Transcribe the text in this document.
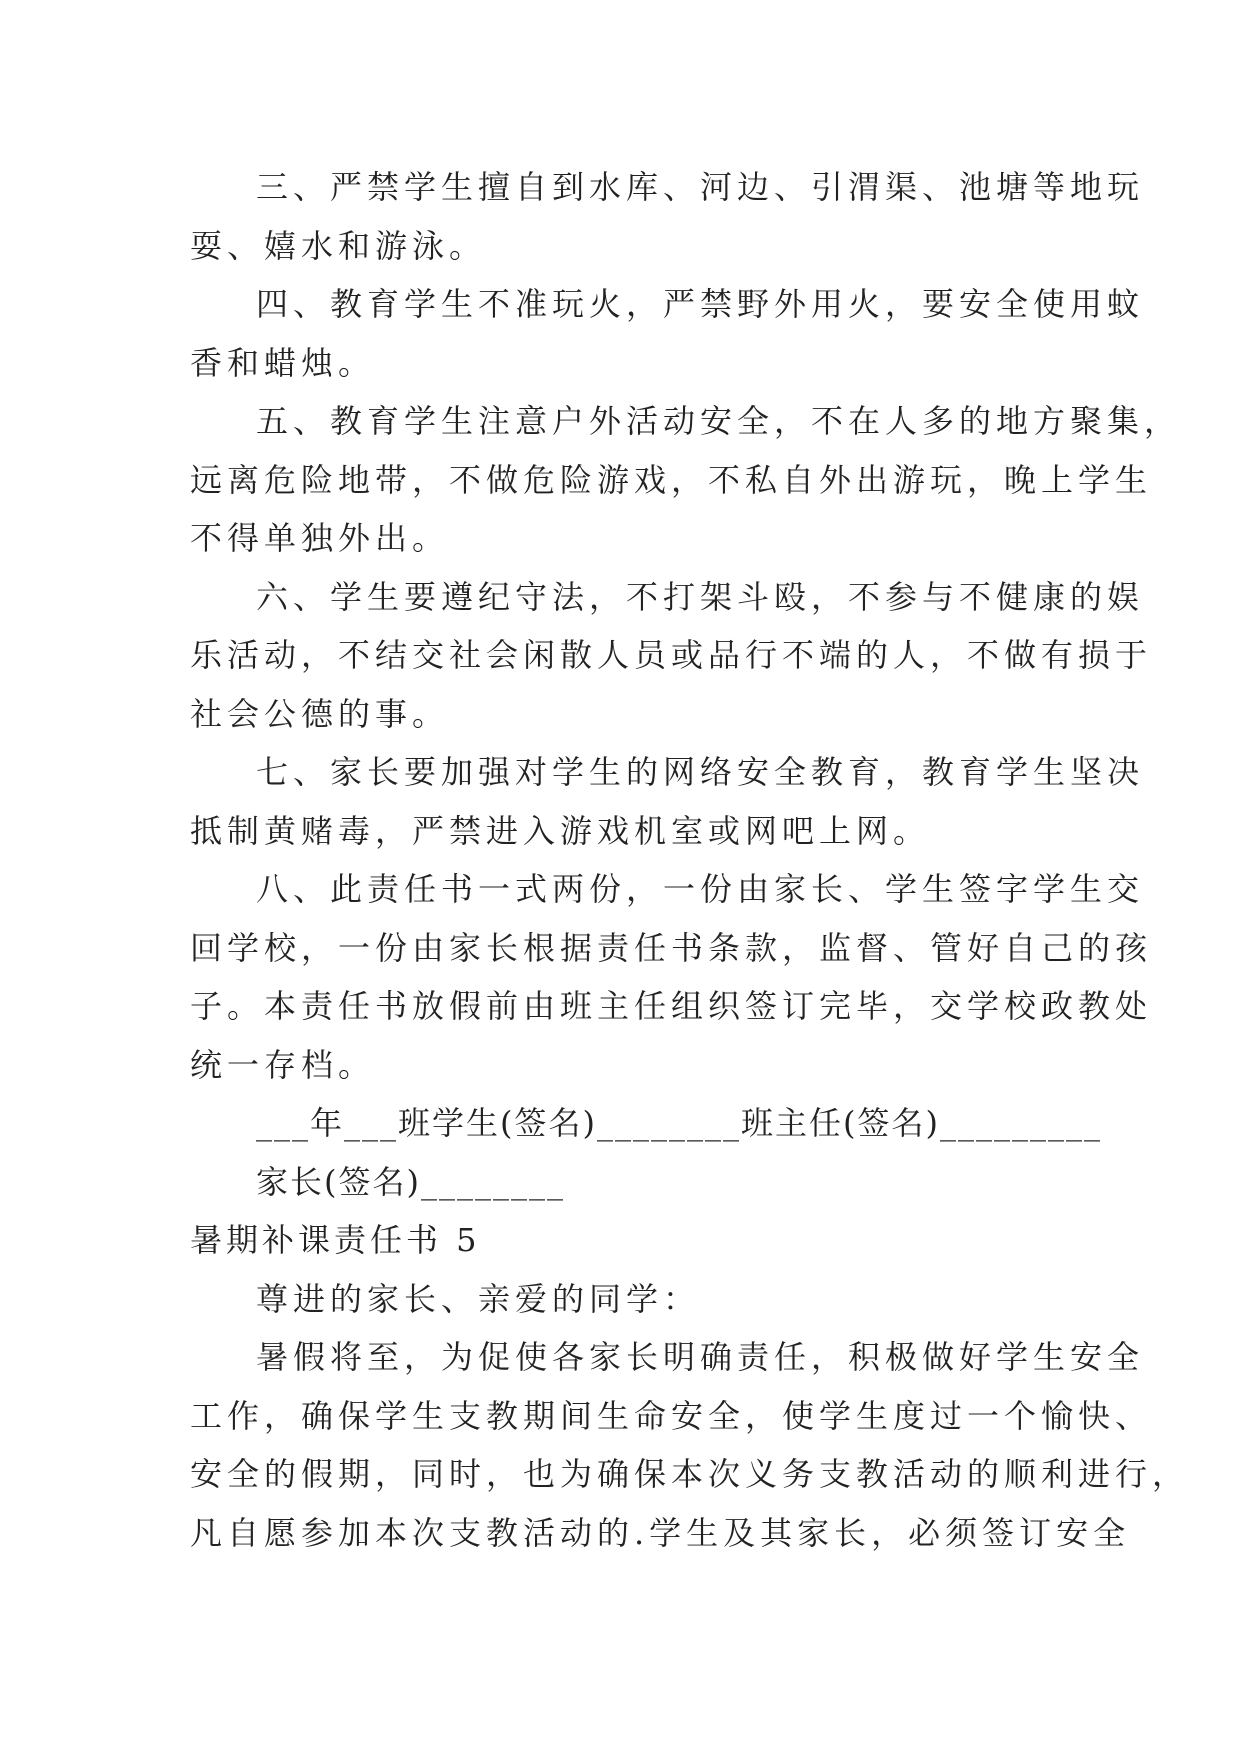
三、严禁学生擅自到水库、河边、引渭渠、池塘等地玩
耍、嬉水和游泳。
四、教育学生不准玩火，严禁野外用火，要安全使用蚊
香和蜡烛。
五、教育学生注意户外活动安全，不在人多的地方聚集，
远离危险地带，不做危险游戏，不私自外出游玩，晚上学生
不得单独外出。
六、学生要遵纪守法，不打架斗殴，不参与不健康的娱
乐活动，不结交社会闲散人员或品行不端的人，不做有损于
社会公德的事。
七、家长要加强对学生的网络安全教育，教育学生坚决
抵制黄赌毒，严禁进入游戏机室或网吧上网。
八、此责任书一式两份，一份由家长、学生签字学生交
回学校，一份由家长根据责任书条款，监督、管好自己的孩
子。本责任书放假前由班主任组织签订完毕，交学校政教处
统一存档。
___年___班学生(签名)________班主任(签名)_________
家长(签名)________
暑期补课责任书 5
尊进的家长、亲爱的同学：
暑假将至，为促使各家长明确责任，积极做好学生安全
工作，确保学生支教期间生命安全，使学生度过一个愉快、
安全的假期，同时，也为确保本次义务支教活动的顺利进行，
凡自愿参加本次支教活动的.学生及其家长，必须签订安全
